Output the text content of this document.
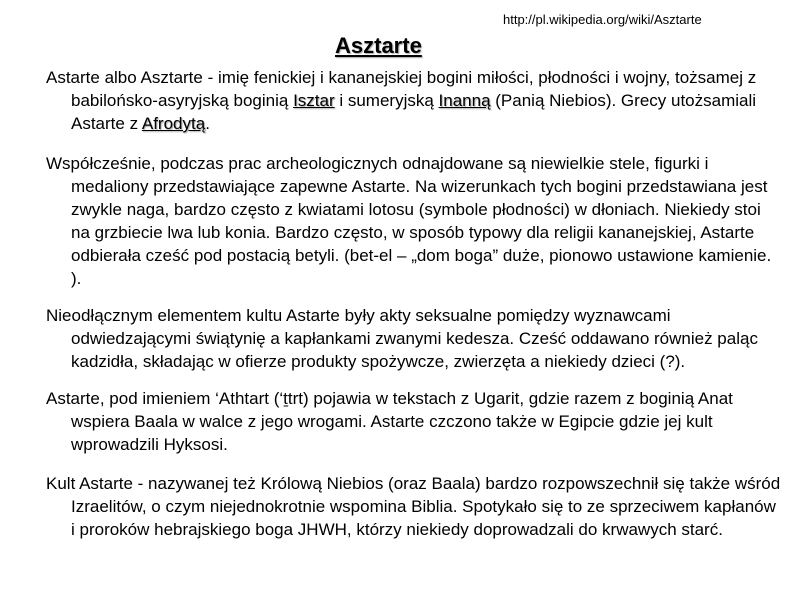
Asztarte
http://pl.wikipedia.org/wiki/Asztarte

Astarte albo Asztarte - imię fenickiej i kananejskiej bogini miłości, płodności i wojny, tożsamej z babilońsko-asyryjską boginią Isztar i sumeryjską Inanną (Panią Niebios). Grecy utożsamiali Astarte z Afrodytą.

Współcześnie, podczas prac archeologicznych odnajdowane są niewielkie stele, figurki i medaliony przedstawiające zapewne Astarte. Na wizerunkach tych bogini przedstawiana jest zwykle naga, bardzo często z kwiatami lotosu (symbole płodności) w dłoniach. Niekiedy stoi na grzbiecie lwa lub konia. Bardzo często, w sposób typowy dla religii kananejskiej, Astarte odbierała cześć pod postacią betyli. (bet-el – „dom boga” duże, pionowo ustawione kamienie. ).

Nieodłącznym elementem kultu Astarte były akty seksualne pomiędzy wyznawcami odwiedzającymi świątynię a kapłankami zwanymi kedesza. Cześć oddawano również paląc kadzidła, składając w ofierze produkty spożywcze, zwierzęta a niekiedy dzieci (?).

Astarte, pod imieniem ‘Athtart (‘ṯtrt) pojawia w tekstach z Ugarit, gdzie razem z boginią Anat wspiera Baala w walce z jego wrogami. Astarte czczono także w Egipcie gdzie jej kult wprowadzili Hyksosi.

Kult Astarte - nazywanej też Królową Niebios (oraz Baala) bardzo rozpowszechnił się także wśród Izraelitów, o czym niejednokrotnie wspomina Biblia. Spotykało się to ze sprzeciwem kapłanów i proroków hebrajskiego boga JHWH, którzy niekiedy doprowadzali do krwawych starć.
